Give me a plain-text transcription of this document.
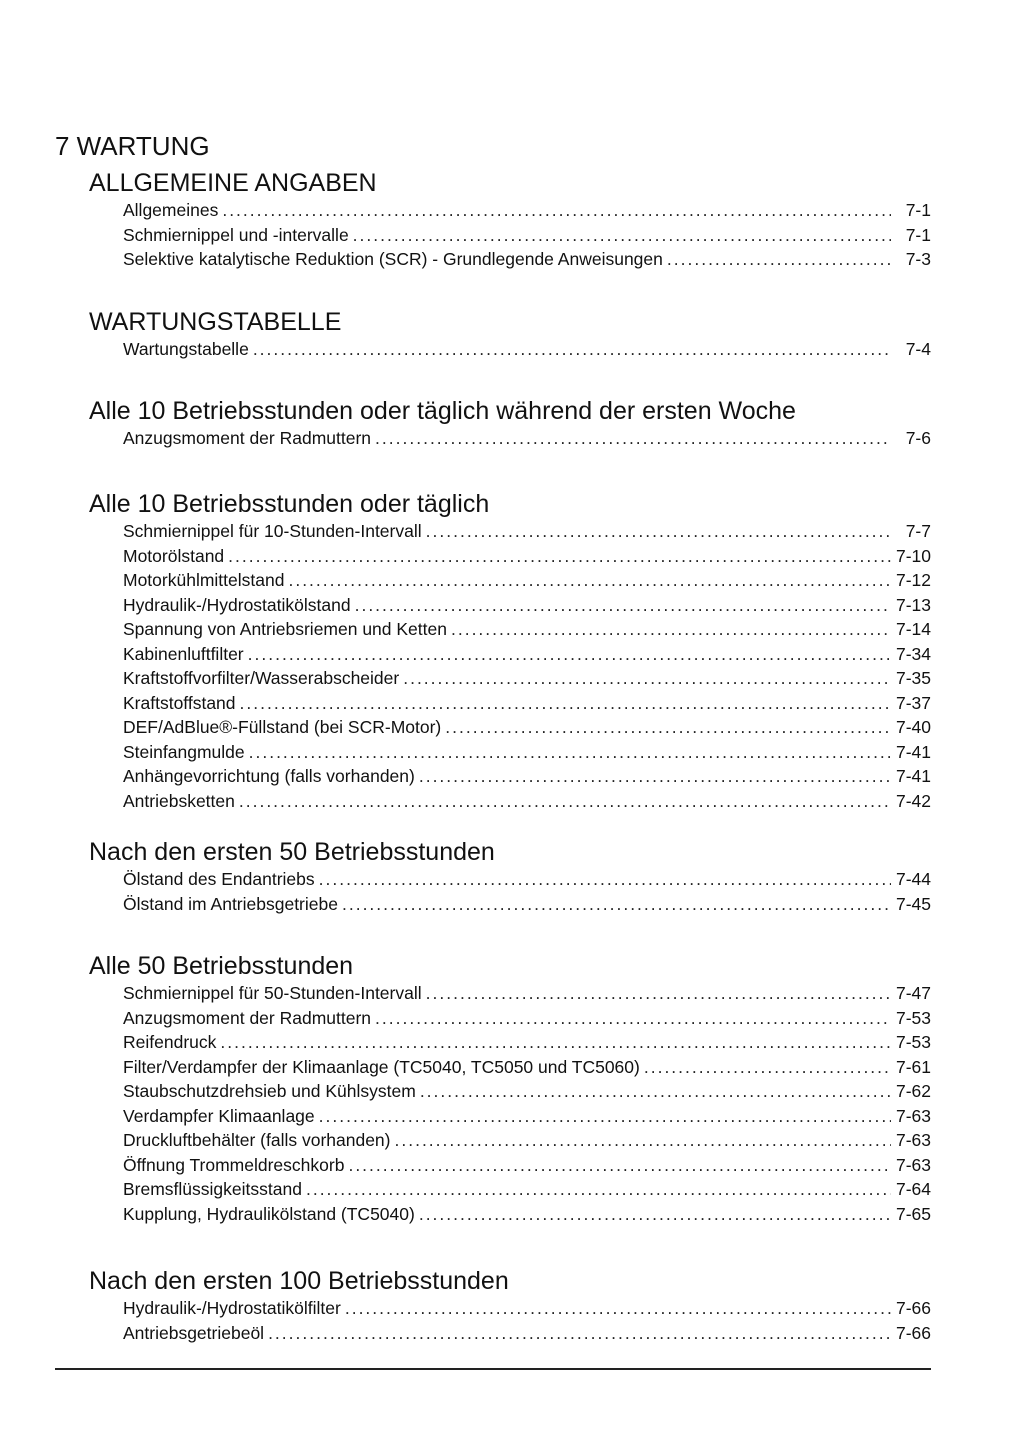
7 WARTUNG
ALLGEMEINE ANGABEN
Allgemeines .....	7-1
Schmiernippel und -intervalle .....	7-1
Selektive katalytische Reduktion (SCR) - Grundlegende Anweisungen .....	7-3
WARTUNGSTABELLE
Wartungstabelle .....	7-4
Alle 10 Betriebsstunden oder täglich während der ersten Woche
Anzugsmoment der Radmuttern .....	7-6
Alle 10 Betriebsstunden oder täglich
Schmiernippel für 10-Stunden-Intervall .....	7-7
Motorölstand .....	7-10
Motorkühlmittelstand .....	7-12
Hydraulik-/Hydrostatikölstand .....	7-13
Spannung von Antriebsriemen und Ketten .....	7-14
Kabinenluftfilter .....	7-34
Kraftstoffvorfilter/Wasserabscheider .....	7-35
Kraftstoffstand .....	7-37
DEF/AdBlue®-Füllstand (bei SCR-Motor) .....	7-40
Steinfangmulde .....	7-41
Anhängevorrichtung (falls vorhanden) .....	7-41
Antriebsketten .....	7-42
Nach den ersten 50 Betriebsstunden
Ölstand des Endantriebs .....	7-44
Ölstand im Antriebsgetriebe .....	7-45
Alle 50 Betriebsstunden
Schmiernippel für 50-Stunden-Intervall .....	7-47
Anzugsmoment der Radmuttern .....	7-53
Reifendruck .....	7-53
Filter/Verdampfer der Klimaanlage (TC5040, TC5050 und TC5060) .....	7-61
Staubschutzdrehsieb und Kühlsystem .....	7-62
Verdampfer Klimaanlage .....	7-63
Druckluftbehälter (falls vorhanden) .....	7-63
Öffnung Trommeldreschkorb .....	7-63
Bremsflüssigkeitsstand .....	7-64
Kupplung, Hydraulikölstand (TC5040) .....	7-65
Nach den ersten 100 Betriebsstunden
Hydraulik-/Hydrostatikölfilter .....	7-66
Antriebsgetriebeöl .....	7-66
